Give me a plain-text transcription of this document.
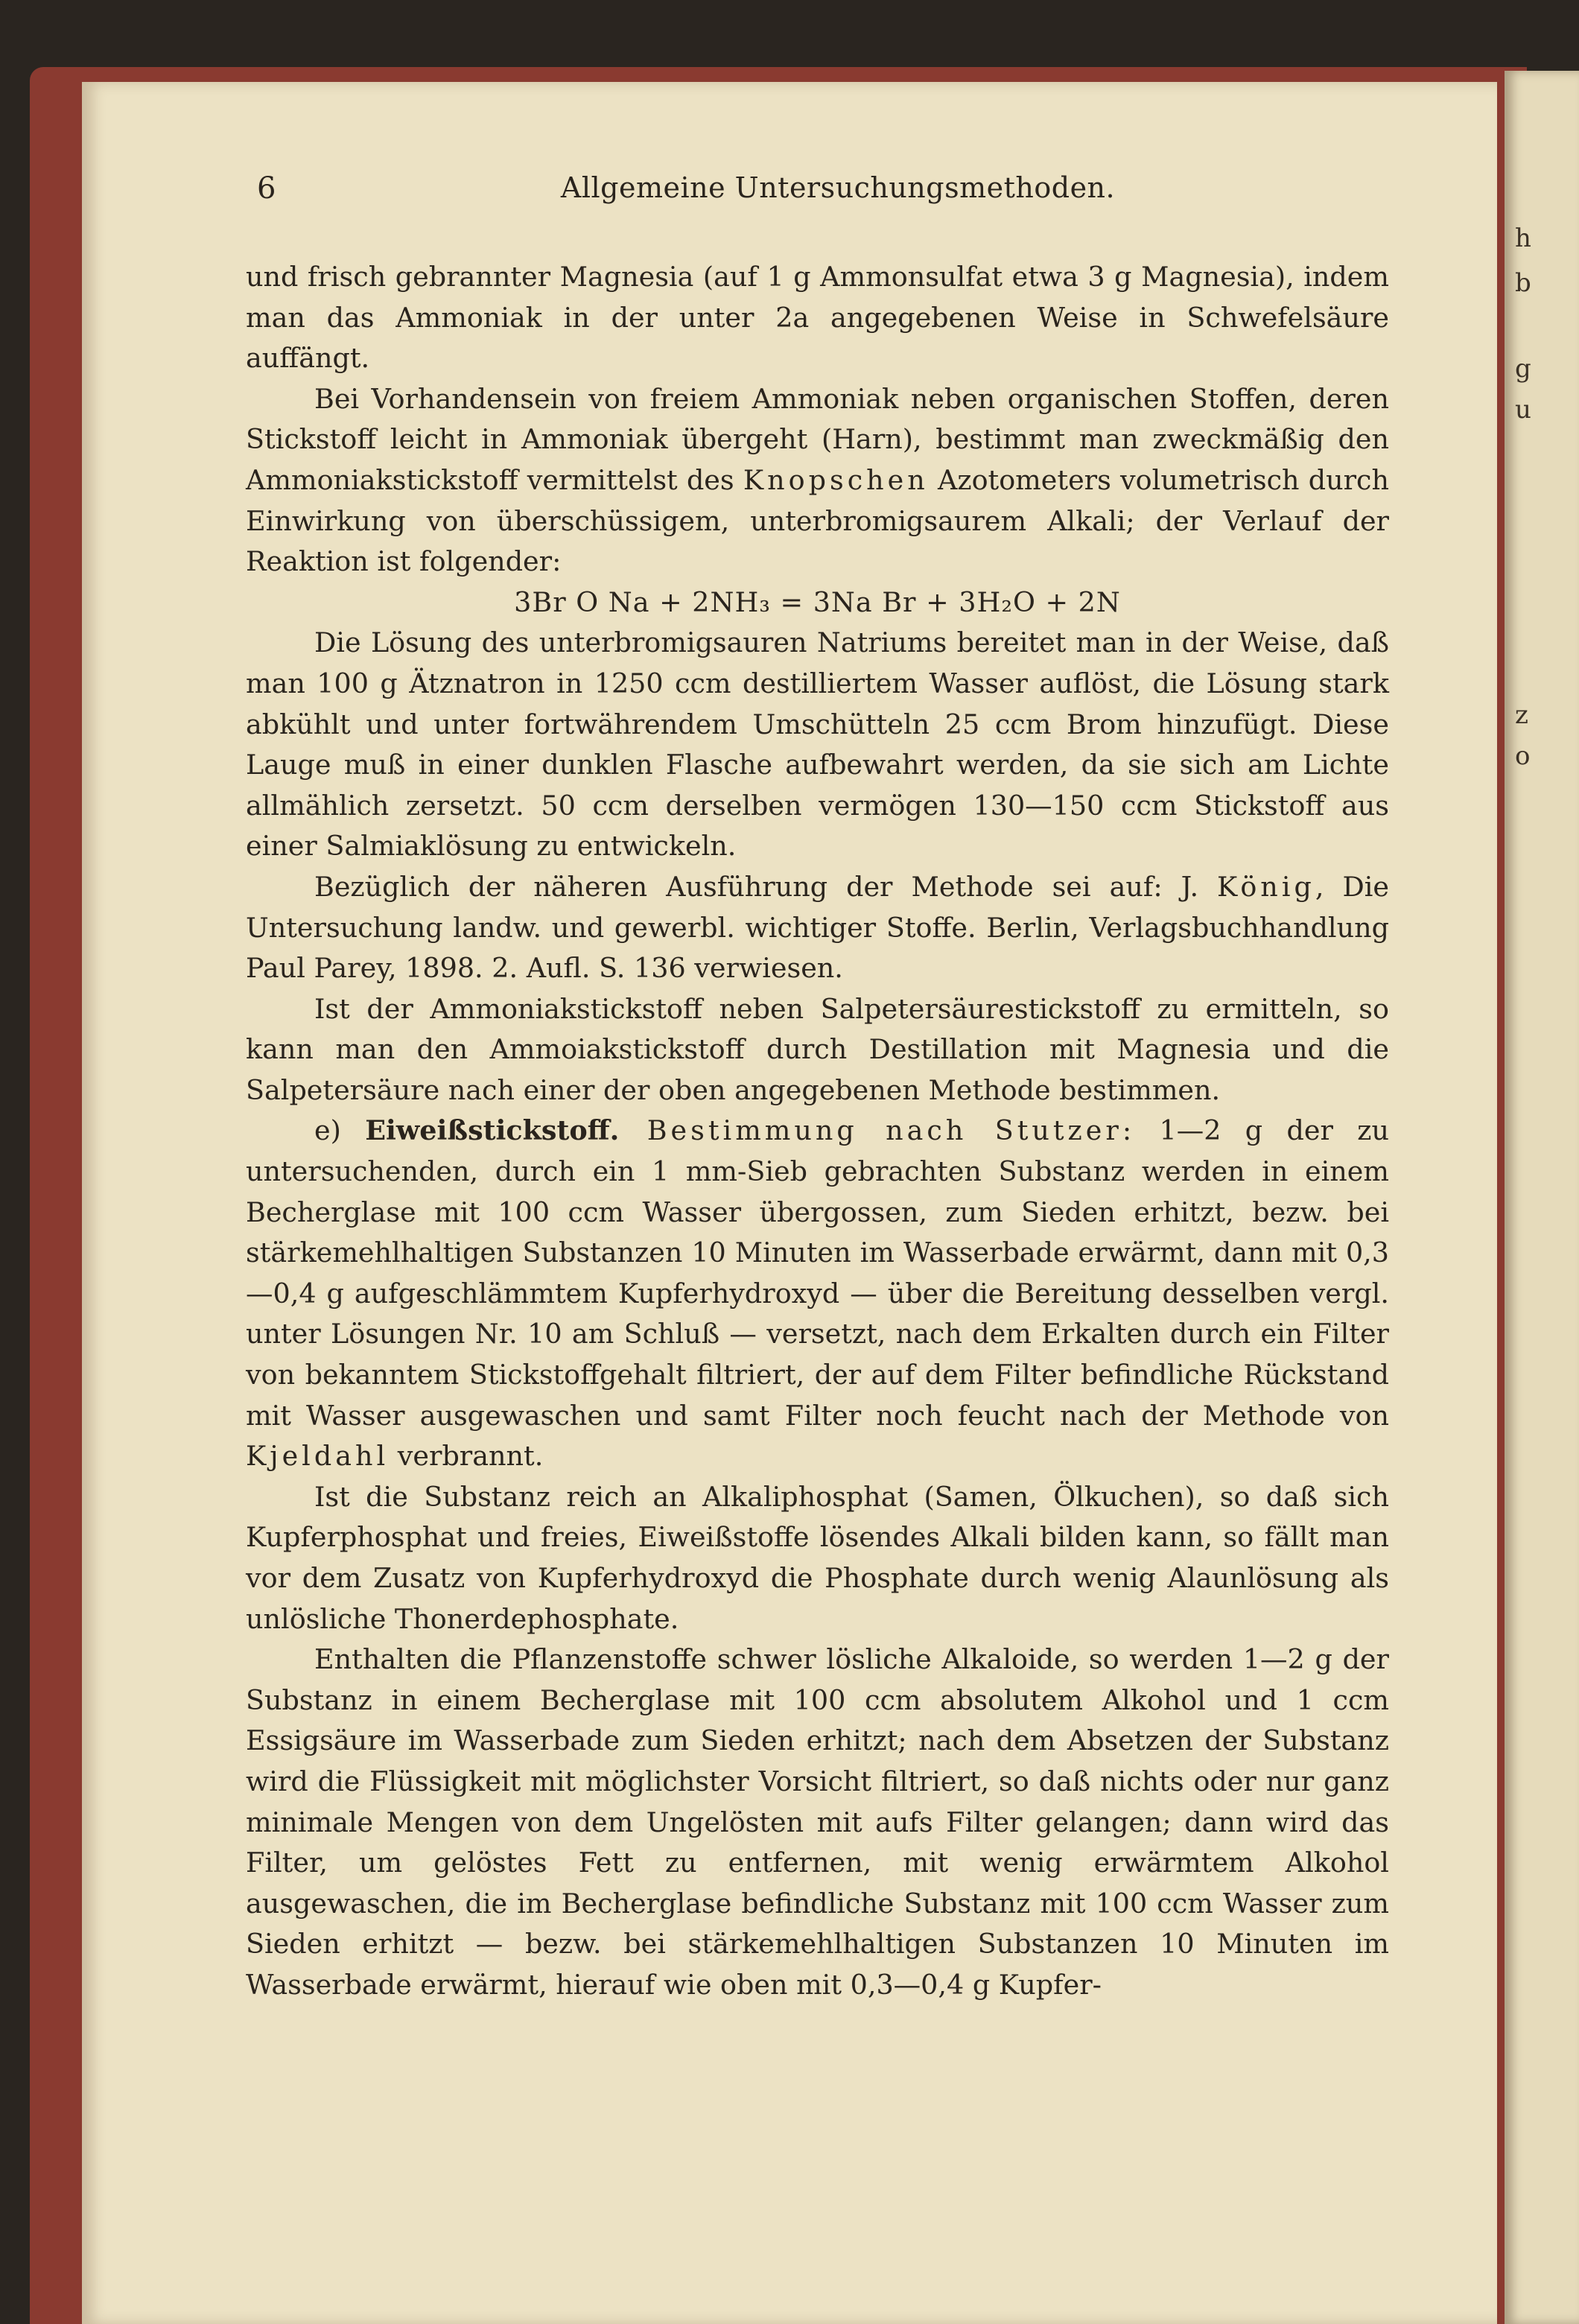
h
b
g
u
z
o
6	Allgemeine Untersuchungsmethoden.

und frisch gebrannter Magnesia (auf 1 g Ammonsulfat etwa 3 g Magnesia), indem man das Ammoniak in der unter 2a angegebenen Weise in Schwefelsäure auffängt.

Bei Vorhandensein von freiem Ammoniak neben organischen Stoffen, deren Stickstoff leicht in Ammoniak übergeht (Harn), bestimmt man zweckmäßig den Ammoniakstickstoff vermittelst des Knopschen Azotometers volumetrisch durch Einwirkung von überschüssigem, unterbromigsaurem Alkali; der Verlauf der Reaktion ist folgender:

3Br O Na + 2NH₃ = 3Na Br + 3H₂O + 2N

Die Lösung des unterbromigsauren Natriums bereitet man in der Weise, daß man 100 g Ätznatron in 1250 ccm destilliertem Wasser auflöst, die Lösung stark abkühlt und unter fortwährendem Umschütteln 25 ccm Brom hinzufügt. Diese Lauge muß in einer dunklen Flasche aufbewahrt werden, da sie sich am Lichte allmählich zersetzt. 50 ccm derselben vermögen 130—150 ccm Stickstoff aus einer Salmiaklösung zu entwickeln.

Bezüglich der näheren Ausführung der Methode sei auf: J. König, Die Untersuchung landw. und gewerbl. wichtiger Stoffe. Berlin, Verlagsbuchhandlung Paul Parey, 1898. 2. Aufl. S. 136 verwiesen.

Ist der Ammoniakstickstoff neben Salpetersäurestickstoff zu ermitteln, so kann man den Ammoiakstickstoff durch Destillation mit Magnesia und die Salpetersäure nach einer der oben angegebenen Methode bestimmen.

e) Eiweißstickstoff. Bestimmung nach Stutzer: 1—2 g der zu untersuchenden, durch ein 1 mm-Sieb gebrachten Substanz werden in einem Becherglase mit 100 ccm Wasser übergossen, zum Sieden erhitzt, bezw. bei stärkemehlhaltigen Substanzen 10 Minuten im Wasserbade erwärmt, dann mit 0,3—0,4 g aufgeschlämmtem Kupferhydroxyd — über die Bereitung desselben vergl. unter Lösungen Nr. 10 am Schluß — versetzt, nach dem Erkalten durch ein Filter von bekanntem Stickstoffgehalt filtriert, der auf dem Filter befindliche Rückstand mit Wasser ausgewaschen und samt Filter noch feucht nach der Methode von Kjeldahl verbrannt.

Ist die Substanz reich an Alkaliphosphat (Samen, Ölkuchen), so daß sich Kupferphosphat und freies, Eiweißstoffe lösendes Alkali bilden kann, so fällt man vor dem Zusatz von Kupferhydroxyd die Phosphate durch wenig Alaunlösung als unlösliche Thonerdephosphate.

Enthalten die Pflanzenstoffe schwer lösliche Alkaloide, so werden 1—2 g der Substanz in einem Becherglase mit 100 ccm absolutem Alkohol und 1 ccm Essigsäure im Wasserbade zum Sieden erhitzt; nach dem Absetzen der Substanz wird die Flüssigkeit mit möglichster Vorsicht filtriert, so daß nichts oder nur ganz minimale Mengen von dem Ungelösten mit aufs Filter gelangen; dann wird das Filter, um gelöstes Fett zu entfernen, mit wenig erwärmtem Alkohol ausgewaschen, die im Becherglase befindliche Substanz mit 100 ccm Wasser zum Sieden erhitzt — bezw. bei stärkemehlhaltigen Substanzen 10 Minuten im Wasserbade erwärmt, hierauf wie oben mit 0,3—0,4 g Kupfer-
